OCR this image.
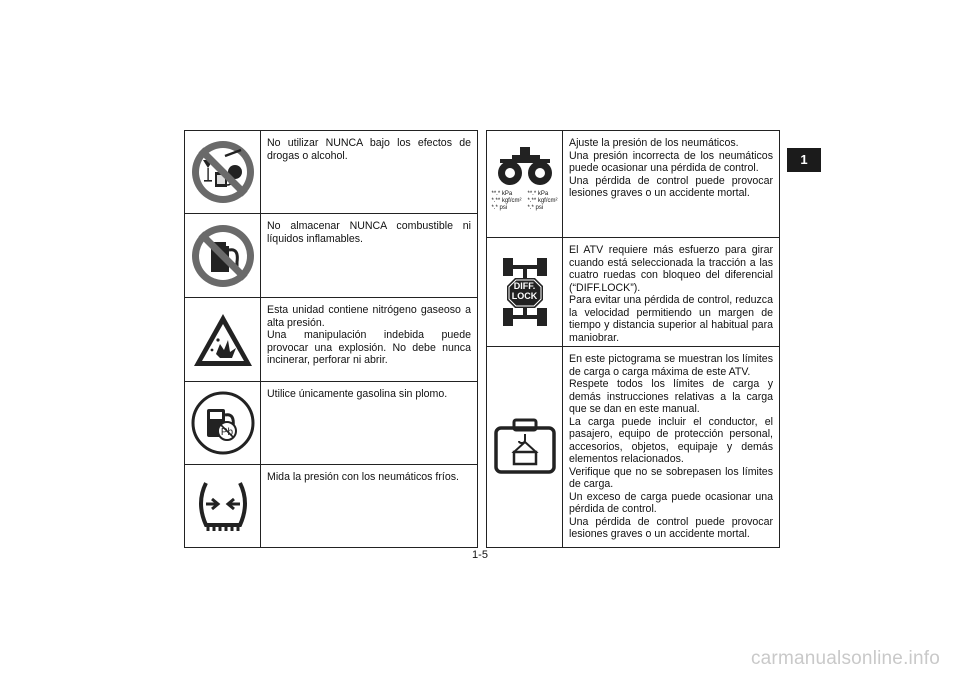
1

No utilizar NUNCA bajo los efectos de drogas o alcohol.

No almacenar NUNCA combustible ni líquidos inflamables.

Esta unidad contiene nitrógeno gaseoso a alta presión.

Una manipulación indebida puede provocar una explosión. No debe nunca incinerar, perforar ni abrir.

Pb

Utilice únicamente gasolina sin plomo.

Mida la presión con los neumáticos fríos.

**.* kPa
*.** kgf/cm²
*.* psi
**.* kPa
*.** kgf/cm²
*.* psi

Ajuste la presión de los neumáticos.

Una presión incorrecta de los neumáticos puede ocasionar una pérdida de control.

Una pérdida de control puede provocar lesiones graves o un accidente mortal.

DIFF.
LOCK

El ATV requiere más esfuerzo para girar cuando está seleccionada la tracción a las cuatro ruedas con bloqueo del diferencial (“DIFF.LOCK”).

Para evitar una pérdida de control, reduzca la velocidad permitiendo un margen de tiempo y distancia superior al habitual para maniobrar.

En este pictograma se muestran los límites de carga o carga máxima de este ATV.

Respete todos los límites de carga y demás instrucciones relativas a la carga que se dan en este manual.

La carga puede incluir el conductor, el pasajero, equipo de protección personal, accesorios, objetos, equipaje y demás elementos relacionados.

Verifique que no se sobrepasen los límites de carga.

Un exceso de carga puede ocasionar una pérdida de control.

Una pérdida de control puede provocar lesiones graves o un accidente mortal.

1-5
carmanualsonline.info
